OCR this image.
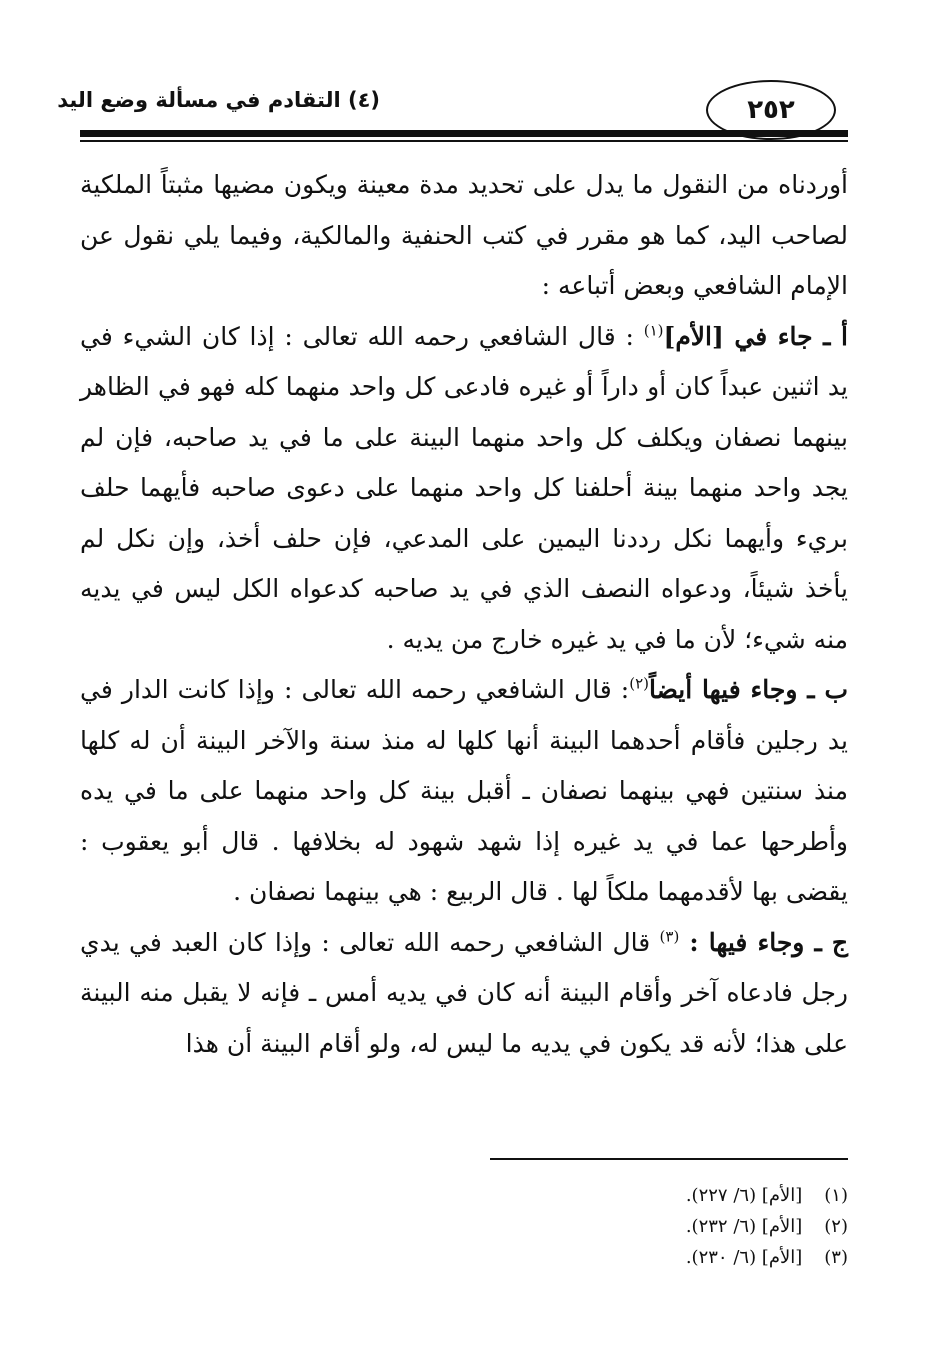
٢٥٢
(٤) التقادم في مسألة وضع اليد

أوردناه من النقول ما يدل على تحديد مدة معينة ويكون مضيها مثبتاً الملكية لصاحب اليد، كما هو مقرر في كتب الحنفية والمالكية، وفيما يلي نقول عن الإمام الشافعي وبعض أتباعه :

أ ـ جاء في [الأم]$^{(١)}$ : قال الشافعي رحمه الله تعالى : إذا كان الشيء في يد اثنين عبداً كان أو داراً أو غيره فادعى كل واحد منهما كله فهو في الظاهر بينهما نصفان ويكلف كل واحد منهما البينة على ما في يد صاحبه، فإن لم يجد واحد منهما بينة أحلفنا كل واحد منهما على دعوى صاحبه فأيهما حلف بريء وأيهما نكل رددنا اليمين على المدعي، فإن حلف أخذ، وإن نكل لم يأخذ شيئاً، ودعواه النصف الذي في يد صاحبه كدعواه الكل ليس في يديه منه شيء؛ لأن ما في يد غيره خارج من يديه .

ب ـ وجاء فيها أيضاً$^{(٢)}$: قال الشافعي رحمه الله تعالى : وإذا كانت الدار في يد رجلين فأقام أحدهما البينة أنها كلها له منذ سنة والآخر البينة أن له كلها منذ سنتين فهي بينهما نصفان ـ أقبل بينة كل واحد منهما على ما في يده وأطرحها عما في يد غيره إذا شهد شهود له بخلافها . قال أبو يعقوب : يقضى بها لأقدمهما ملكاً لها . قال الربيع : هي بينهما نصفان .

ج ـ وجاء فيها : $^{(٣)}$ قال الشافعي رحمه الله تعالى : وإذا كان العبد في يدي رجل فادعاه آخر وأقام البينة أنه كان في يديه أمس ـ فإنه لا يقبل منه البينة على هذا؛ لأنه قد يكون في يديه ما ليس له، ولو أقام البينة أن هذا

(١) [الأم] (٦/ ٢٢٧).
(٢) [الأم] (٦/ ٢٣٢).
(٣) [الأم] (٦/ ٢٣٠).
